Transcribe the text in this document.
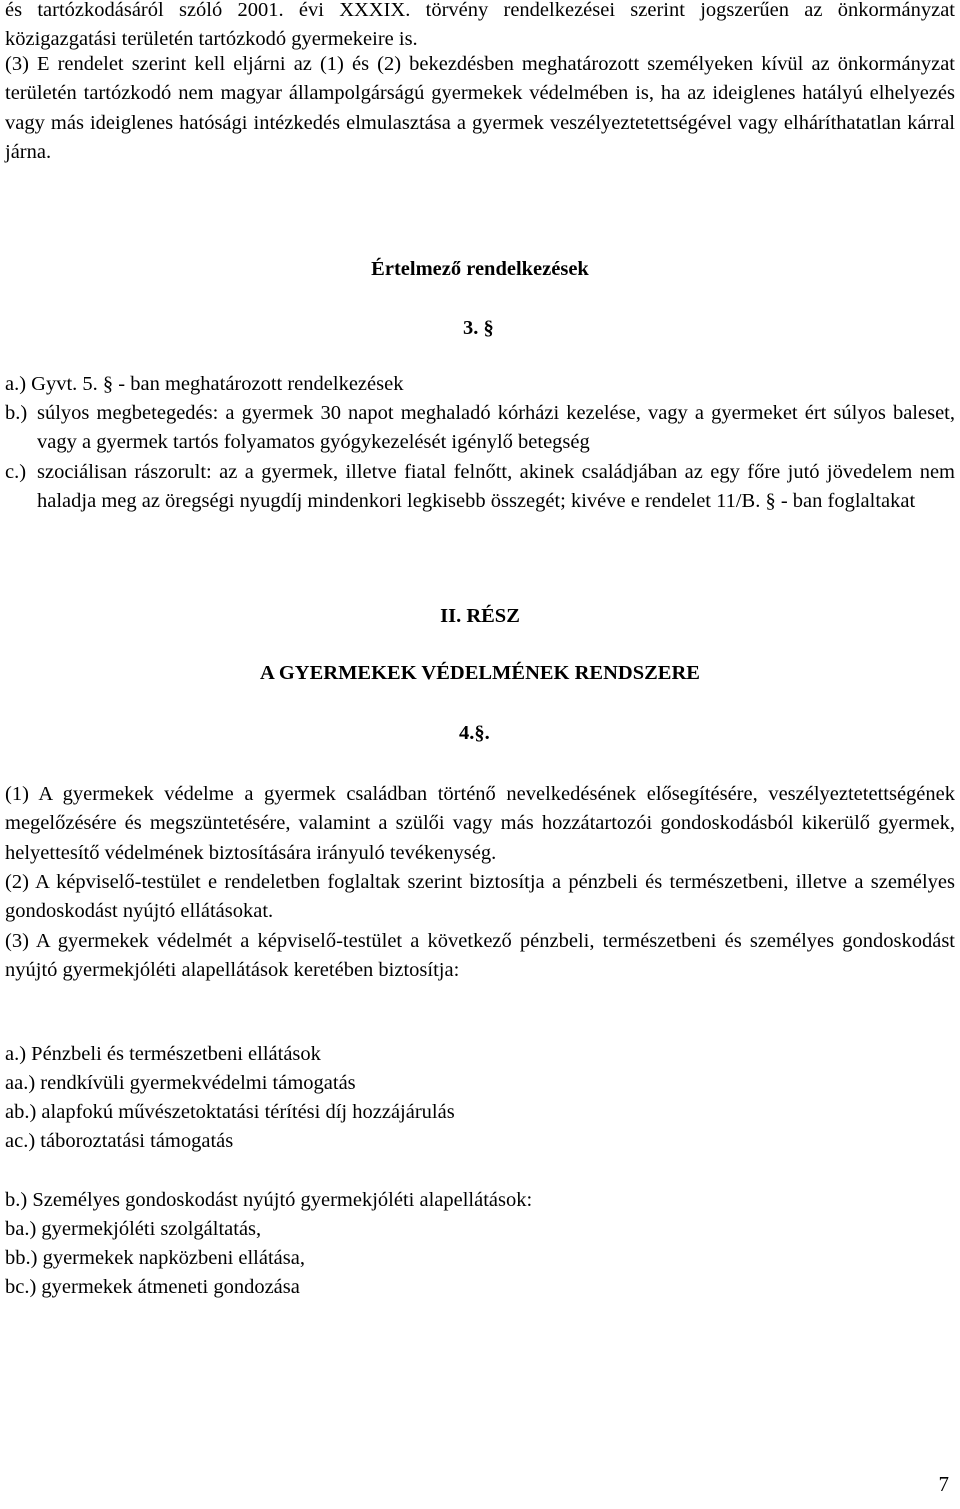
és tartózkodásáról szóló 2001. évi XXXIX. törvény rendelkezései szerint jogszerűen az önkormányzat közigazgatási területén tartózkodó gyermekeire is.

(3) E rendelet szerint kell eljárni az (1) és (2) bekezdésben meghatározott személyeken kívül az önkormányzat területén tartózkodó nem magyar állampolgárságú gyermekek védelmében is, ha az ideiglenes hatályú elhelyezés vagy más ideiglenes hatósági intézkedés elmulasztása a gyermek veszélyeztetettségével vagy elháríthatatlan kárral járna.

Értelmező rendelkezések

3. §

a.) Gyvt. 5. § - ban meghatározott rendelkezések

b.) súlyos megbetegedés: a gyermek 30 napot meghaladó kórházi kezelése, vagy a gyermeket ért súlyos baleset, vagy a gyermek tartós folyamatos gyógykezelését igénylő betegség

c.) szociálisan rászorult: az a gyermek, illetve fiatal felnőtt, akinek családjában az egy főre jutó jövedelem nem haladja meg az öregségi nyugdíj mindenkori legkisebb összegét; kivéve e rendelet 11/B. § - ban foglaltakat

II. RÉSZ

A GYERMEKEK VÉDELMÉNEK RENDSZERE

4.§.

(1) A gyermekek védelme a gyermek családban történő nevelkedésének elősegítésére, veszélyeztetettségének megelőzésére és megszüntetésére, valamint a szülői vagy más hozzátartozói gondoskodásból kikerülő gyermek, helyettesítő védelmének biztosítására irányuló tevékenység.

(2) A képviselő-testület e rendeletben foglaltak szerint biztosítja a pénzbeli és természetbeni, illetve a személyes gondoskodást nyújtó ellátásokat.

(3) A gyermekek védelmét a képviselő-testület a következő pénzbeli, természetbeni és személyes gondoskodást nyújtó gyermekjóléti alapellátások keretében biztosítja:

a.) Pénzbeli és természetbeni ellátások

aa.) rendkívüli gyermekvédelmi támogatás

ab.) alapfokú művészetoktatási térítési díj hozzájárulás

ac.) táboroztatási támogatás

b.) Személyes gondoskodást nyújtó gyermekjóléti alapellátások:

ba.) gyermekjóléti szolgáltatás,

bb.) gyermekek napközbeni ellátása,

bc.) gyermekek átmeneti gondozása

7
